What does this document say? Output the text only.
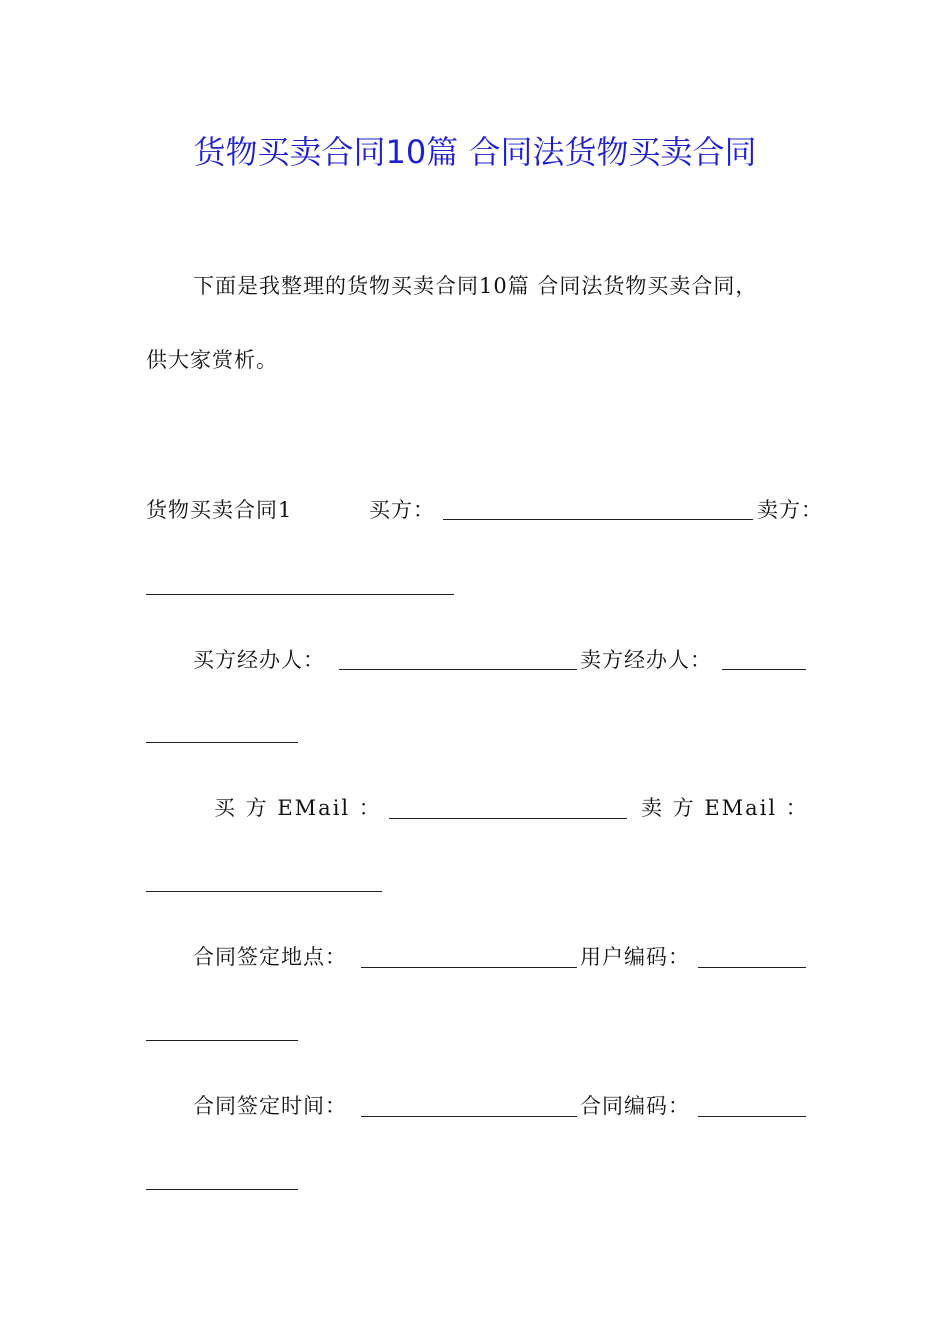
货物买卖合同10篇 合同法货物买卖合同
下面是我整理的货物买卖合同10篇 合同法货物买卖合同，
供大家赏析。
货物买卖合同1	买方：	卖方：
买方经办人：	卖方经办人：
买 方 EMail ：	卖 方 EMail ：
合同签定地点：	用户编码：
合同签定时间：	合同编码：
